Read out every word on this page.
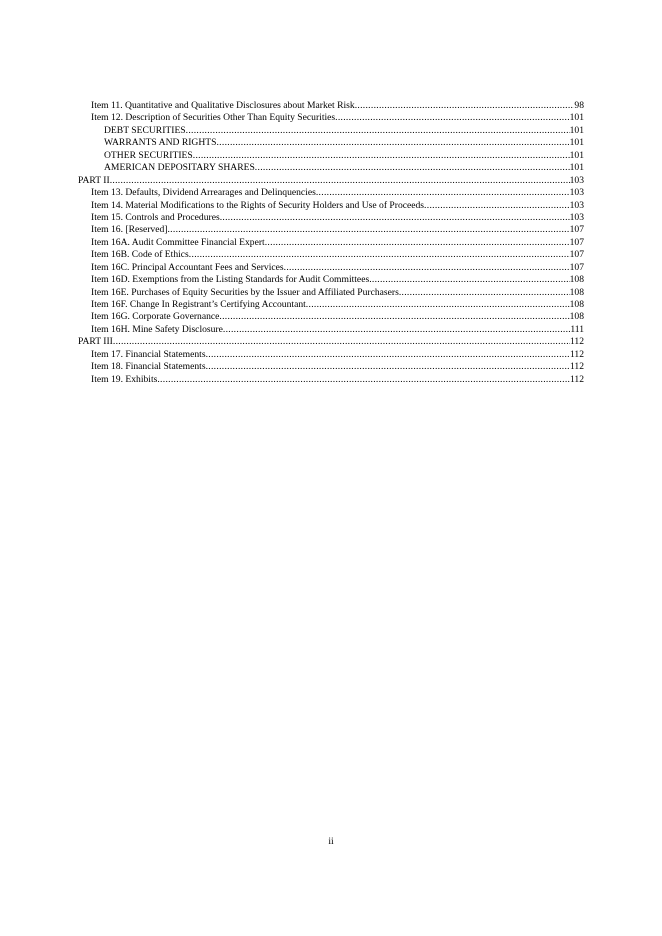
Item 11. Quantitative and Qualitative Disclosures about Market Risk .....	98
Item 12. Description of Securities Other Than Equity Securities .....	101
DEBT SECURITIES .....	101
WARRANTS AND RIGHTS .....	101
OTHER SECURITIES .....	101
AMERICAN DEPOSITARY SHARES .....	101
PART II .....	103
Item 13. Defaults, Dividend Arrearages and Delinquencies .....	103
Item 14. Material Modifications to the Rights of Security Holders and Use of Proceeds .....	103
Item 15. Controls and Procedures .....	103
Item 16. [Reserved] .....	107
Item 16A. Audit Committee Financial Expert .....	107
Item 16B. Code of Ethics .....	107
Item 16C. Principal Accountant Fees and Services .....	107
Item 16D. Exemptions from the Listing Standards for Audit Committees .....	108
Item 16E. Purchases of Equity Securities by the Issuer and Affiliated Purchasers .....	108
Item 16F. Change In Registrant’s Certifying Accountant .....	108
Item 16G. Corporate Governance .....	108
Item 16H. Mine Safety Disclosure .....	111
PART III .....	112
Item 17. Financial Statements .....	112
Item 18. Financial Statements .....	112
Item 19. Exhibits .....	112
ii
